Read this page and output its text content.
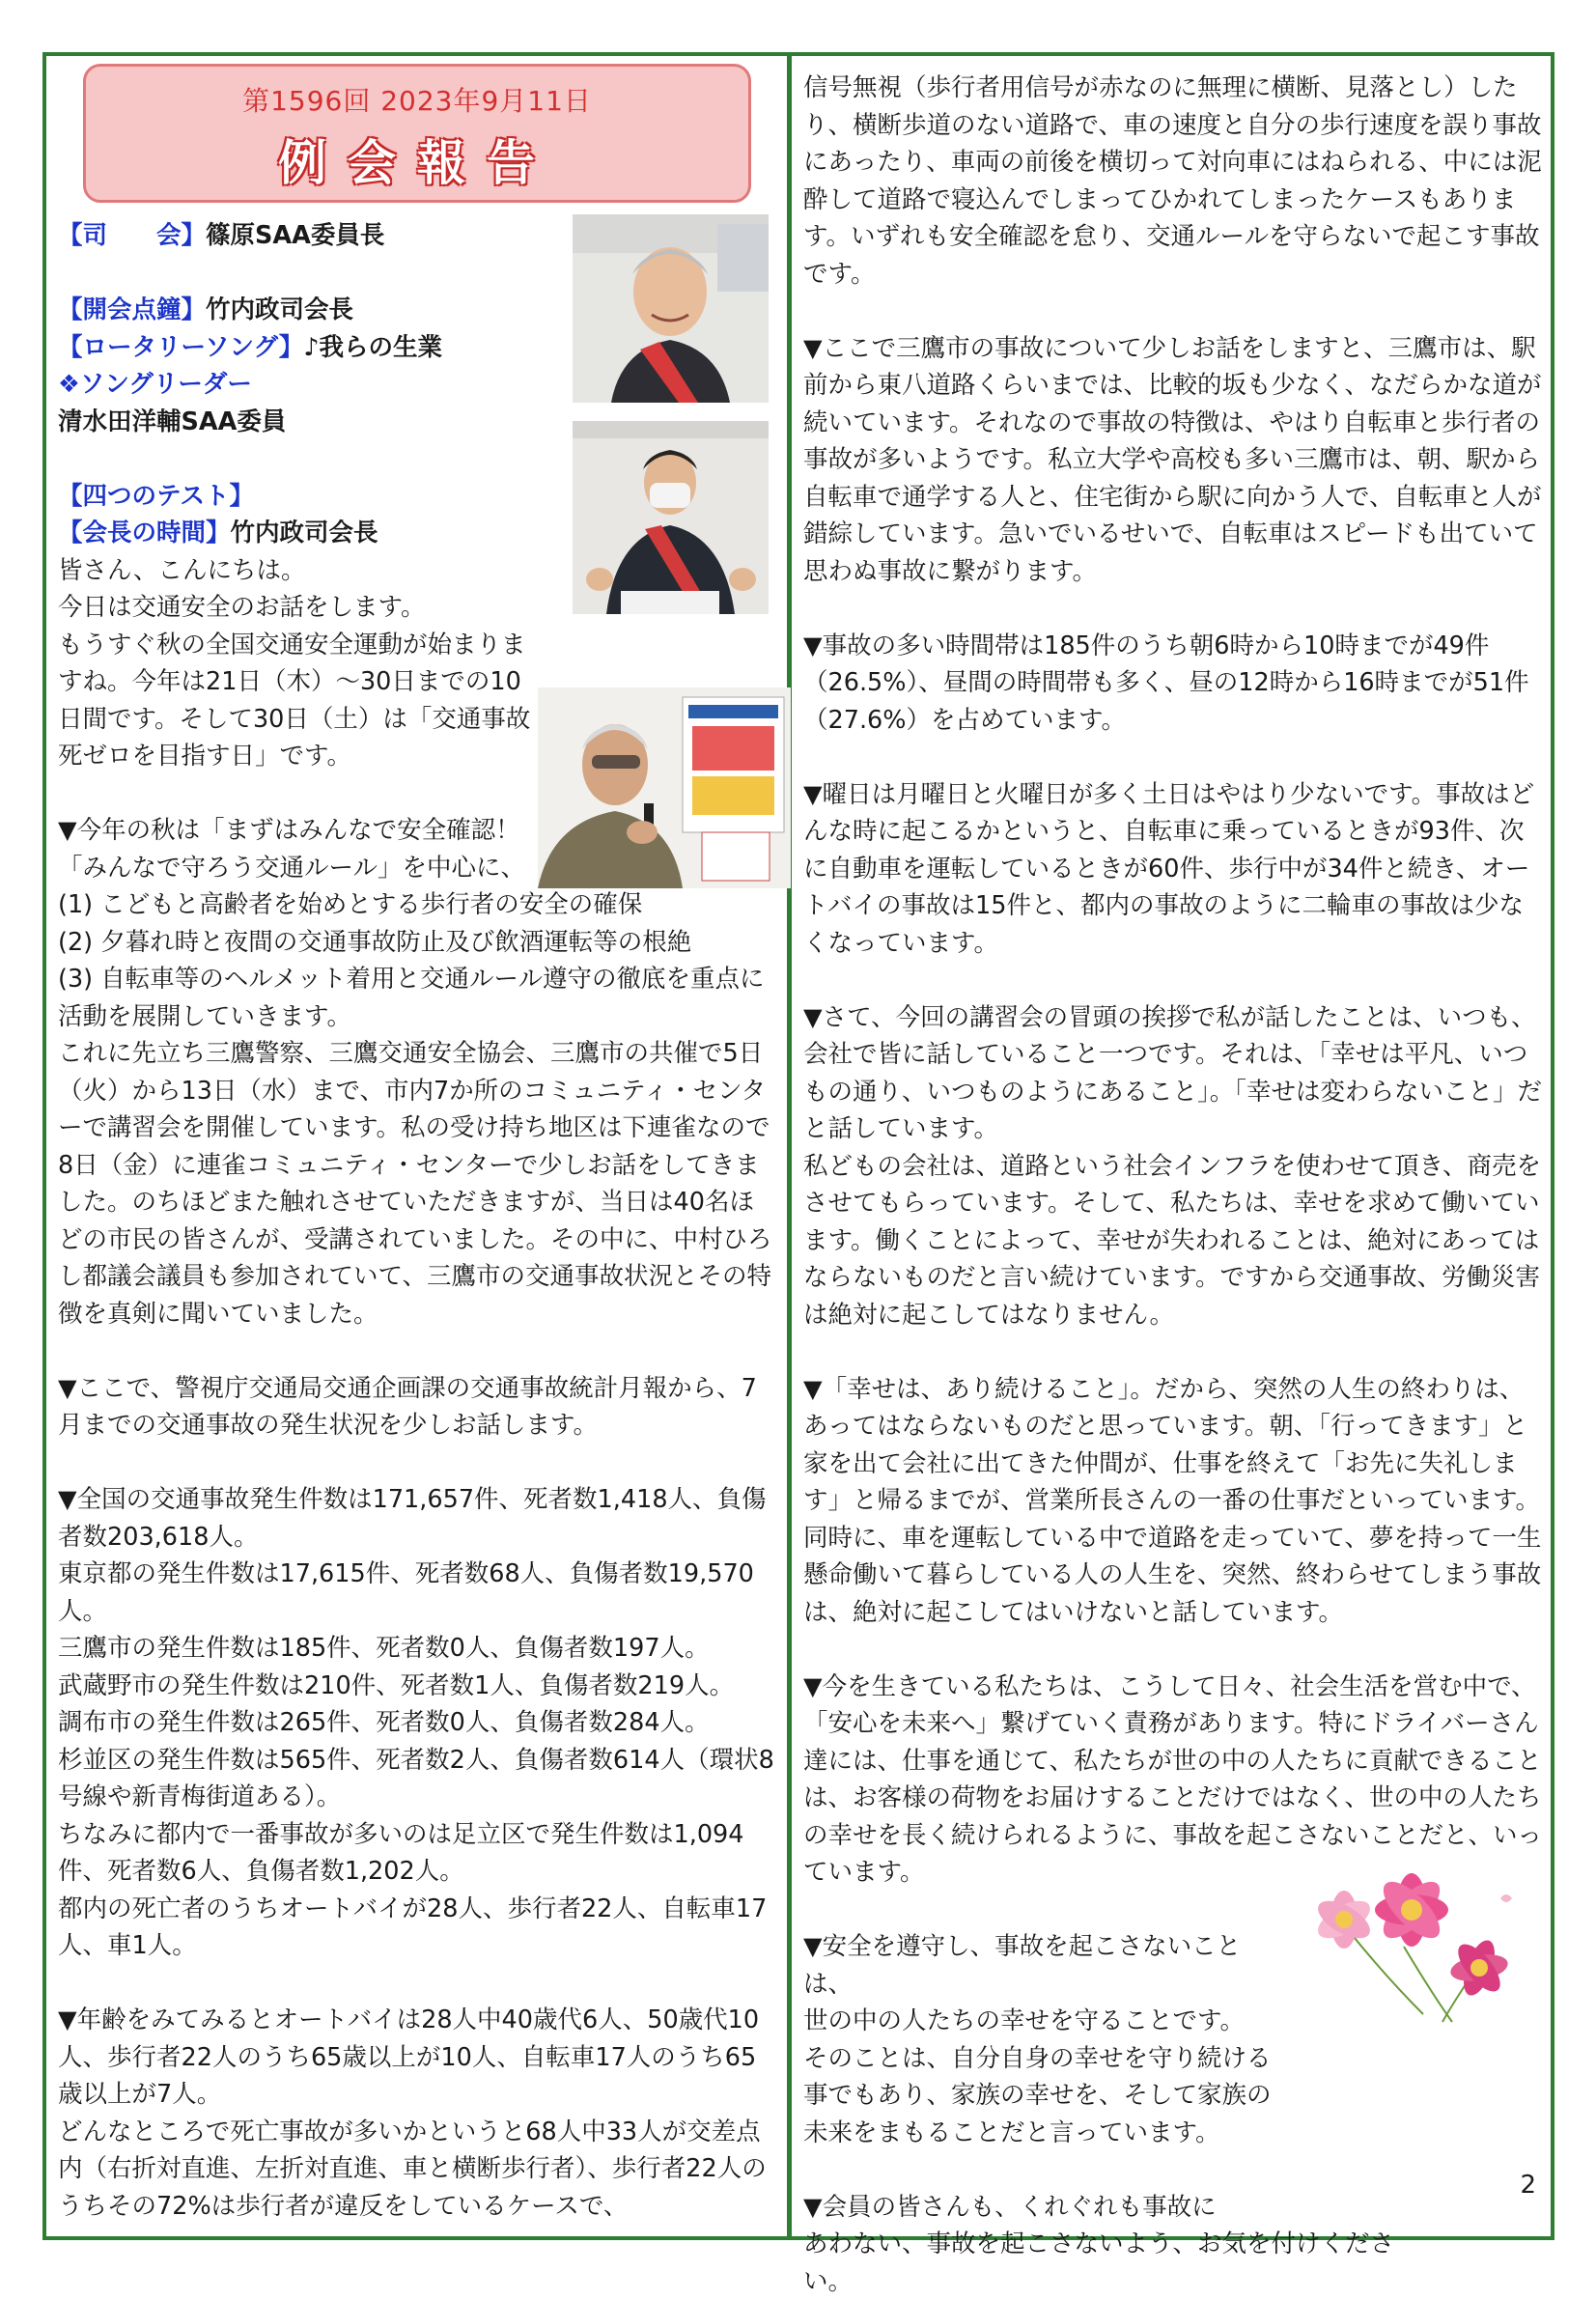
第1596回 2023年9月11日
例会報告

【司　　会】篠原SAA委員長

【開会点鐘】竹内政司会長

【ロータリーソング】♪我らの生業

❖ソングリーダー

清水田洋輔SAA委員

【四つのテスト】

【会長の時間】竹内政司会長

皆さん、こんにちは。

今日は交通安全のお話をします。

もうすぐ秋の全国交通安全運動が始まりますね。今年は21日（木）～30日までの10日間です。そして30日（土）は「交通事故死ゼロを目指す日」です。

▼今年の秋は「まずはみんなで安全確認！「みんなで守ろう交通ルール」を中心に、

(1) こどもと高齢者を始めとする歩行者の安全の確保

(2) 夕暮れ時と夜間の交通事故防止及び飲酒運転等の根絶

(3) 自転車等のヘルメット着用と交通ルール遵守の徹底を重点に活動を展開していきます。

これに先立ち三鷹警察、三鷹交通安全協会、三鷹市の共催で5日（火）から13日（水）まで、市内7か所のコミュニティ・センターで講習会を開催しています。私の受け持ち地区は下連雀なので8日（金）に連雀コミュニティ・センターで少しお話をしてきました。のちほどまた触れさせていただきますが、当日は40名ほどの市民の皆さんが、受講されていました。その中に、中村ひろし都議会議員も参加されていて、三鷹市の交通事故状況とその特徴を真剣に聞いていました。

▼ここで、警視庁交通局交通企画課の交通事故統計月報から、7月までの交通事故の発生状況を少しお話します。

▼全国の交通事故発生件数は171,657件、死者数1,418人、負傷者数203,618人。

東京都の発生件数は17,615件、死者数68人、負傷者数19,570人。

三鷹市の発生件数は185件、死者数0人、負傷者数197人。

武蔵野市の発生件数は210件、死者数1人、負傷者数219人。

調布市の発生件数は265件、死者数0人、負傷者数284人。

杉並区の発生件数は565件、死者数2人、負傷者数614人（環状8号線や新青梅街道ある）。

ちなみに都内で一番事故が多いのは足立区で発生件数は1,094件、死者数6人、負傷者数1,202人。

都内の死亡者のうちオートバイが28人、歩行者22人、自転車17人、車1人。

▼年齢をみてみるとオートバイは28人中40歳代6人、50歳代10人、歩行者22人のうち65歳以上が10人、自転車17人のうち65歳以上が7人。

どんなところで死亡事故が多いかというと68人中33人が交差点内（右折対直進、左折対直進、車と横断歩行者）、歩行者22人のうちその72%は歩行者が違反をしているケースで、

信号無視（歩行者用信号が赤なのに無理に横断、見落とし）したり、横断歩道のない道路で、車の速度と自分の歩行速度を誤り事故にあったり、車両の前後を横切って対向車にはねられる、中には泥酔して道路で寝込んでしまってひかれてしまったケースもあります。いずれも安全確認を怠り、交通ルールを守らないで起こす事故です。

▼ここで三鷹市の事故について少しお話をしますと、三鷹市は、駅前から東八道路くらいまでは、比較的坂も少なく、なだらかな道が続いています。それなので事故の特徴は、やはり自転車と歩行者の事故が多いようです。私立大学や高校も多い三鷹市は、朝、駅から自転車で通学する人と、住宅街から駅に向かう人で、自転車と人が錯綜しています。急いでいるせいで、自転車はスピードも出ていて思わぬ事故に繋がります。

▼事故の多い時間帯は185件のうち朝6時から10時までが49件（26.5%）、昼間の時間帯も多く、昼の12時から16時までが51件（27.6%）を占めています。

▼曜日は月曜日と火曜日が多く土日はやはり少ないです。事故はどんな時に起こるかというと、自転車に乗っているときが93件、次に自動車を運転しているときが60件、歩行中が34件と続き、オートバイの事故は15件と、都内の事故のように二輪車の事故は少なくなっています。

▼さて、今回の講習会の冒頭の挨拶で私が話したことは、いつも、会社で皆に話していること一つです。それは、「幸せは平凡、いつもの通り、いつものようにあること」。「幸せは変わらないこと」だと話しています。

私どもの会社は、道路という社会インフラを使わせて頂き、商売をさせてもらっています。そして、私たちは、幸せを求めて働いています。働くことによって、幸せが失われることは、絶対にあってはならないものだと言い続けています。ですから交通事故、労働災害は絶対に起こしてはなりません。

▼「幸せは、あり続けること」。だから、突然の人生の終わりは、あってはならないものだと思っています。朝、「行ってきます」と家を出て会社に出てきた仲間が、仕事を終えて「お先に失礼します」と帰るまでが、営業所長さんの一番の仕事だといっています。同時に、車を運転している中で道路を走っていて、夢を持って一生懸命働いて暮らしている人の人生を、突然、終わらせてしまう事故は、絶対に起こしてはいけないと話しています。

▼今を生きている私たちは、こうして日々、社会生活を営む中で、「安心を未来へ」繋げていく責務があります。特にドライバーさん達には、仕事を通じて、私たちが世の中の人たちに貢献できることは、お客様の荷物をお届けすることだけではなく、世の中の人たちの幸せを長く続けられるように、事故を起こさないことだと、いっています。

▼安全を遵守し、事故を起こさないことは、

世の中の人たちの幸せを守ることです。

そのことは、自分自身の幸せを守り続ける

事でもあり、家族の幸せを、そして家族の

未来をまもることだと言っています。

▼会員の皆さんも、くれぐれも事故に

あわない、事故を起こさないよう、お気を付けください。

2
